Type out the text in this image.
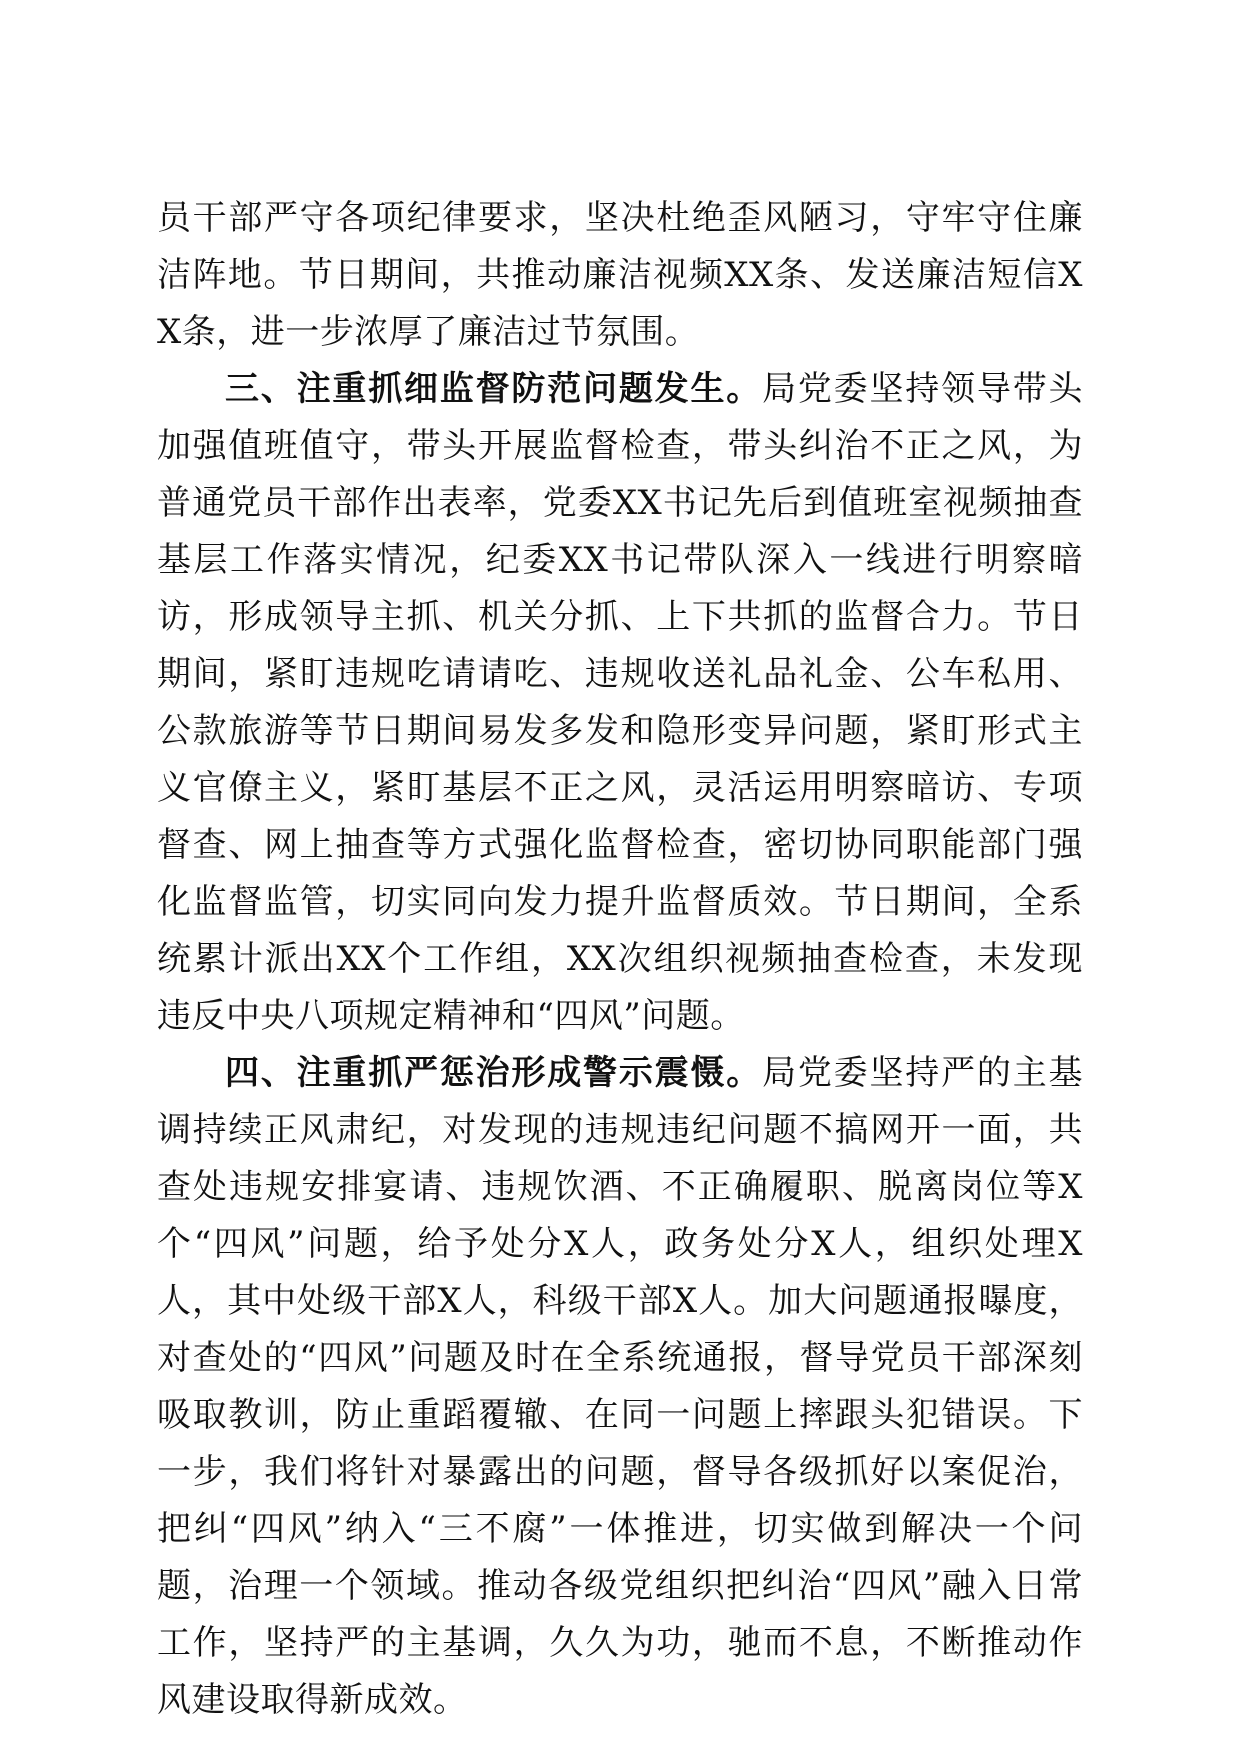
员干部严守各项纪律要求，坚决杜绝歪风陋习，守牢守住廉洁阵地。节日期间，共推动廉洁视频XX条、发送廉洁短信XX条，进一步浓厚了廉洁过节氛围。

三、注重抓细监督防范问题发生。局党委坚持领导带头加强值班值守，带头开展监督检查，带头纠治不正之风，为普通党员干部作出表率，党委XX书记先后到值班室视频抽查基层工作落实情况，纪委XX书记带队深入一线进行明察暗访，形成领导主抓、机关分抓、上下共抓的监督合力。节日期间，紧盯违规吃请请吃、违规收送礼品礼金、公车私用、公款旅游等节日期间易发多发和隐形变异问题，紧盯形式主义官僚主义，紧盯基层不正之风，灵活运用明察暗访、专项督查、网上抽查等方式强化监督检查，密切协同职能部门强化监督监管，切实同向发力提升监督质效。节日期间，全系统累计派出XX个工作组，XX次组织视频抽查检查，未发现违反中央八项规定精神和“四风”问题。

四、注重抓严惩治形成警示震慑。局党委坚持严的主基调持续正风肃纪，对发现的违规违纪问题不搞网开一面，共查处违规安排宴请、违规饮酒、不正确履职、脱离岗位等X个“四风”问题，给予处分X人，政务处分X人，组织处理X人，其中处级干部X人，科级干部X人。加大问题通报曝度，对查处的“四风”问题及时在全系统通报，督导党员干部深刻吸取教训，防止重蹈覆辙、在同一问题上摔跟头犯错误。下一步，我们将针对暴露出的问题，督导各级抓好以案促治，把纠“四风”纳入“三不腐”一体推进，切实做到解决一个问题，治理一个领域。推动各级党组织把纠治“四风”融入日常工作，坚持严的主基调，久久为功，驰而不息，不断推动作风建设取得新成效。
